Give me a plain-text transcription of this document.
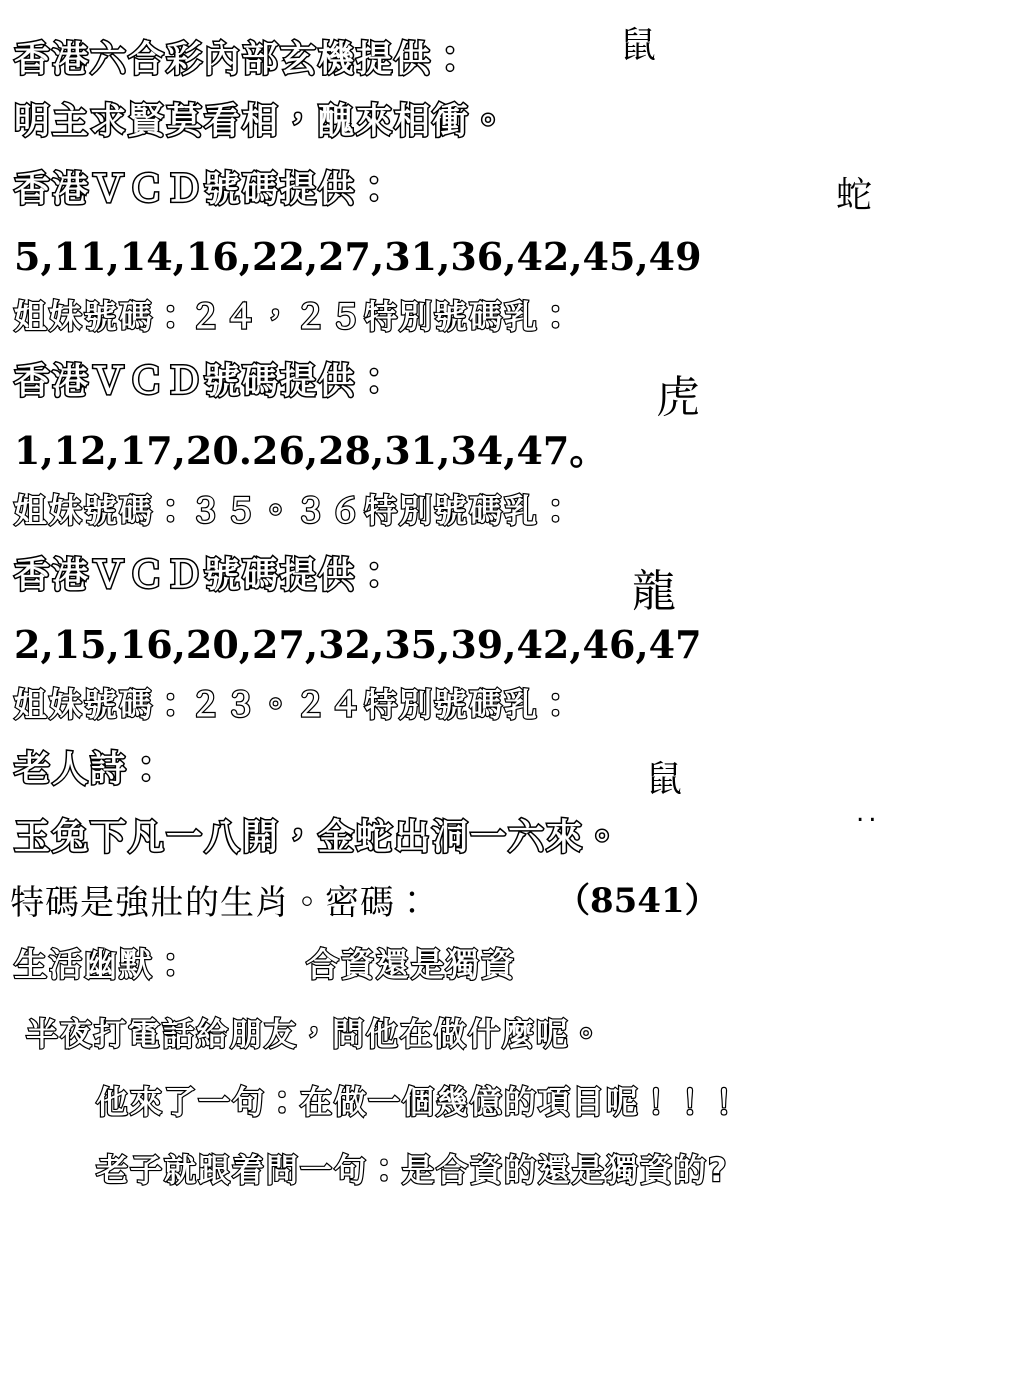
香港六合彩內部玄機提供：	鼠
明主求賢莫看相，醜來相衝。
香港ＶＣＤ號碼提供：	蛇
5,11,14,16,22,27,31,36,42,45,49
姐妹號碼：２４，２５特別號碼乳：
香港ＶＣＤ號碼提供：	虎
1,12,17,20.26,28,31,34,47。
姐妹號碼：３５。３６特別號碼乳：
香港ＶＣＤ號碼提供：	龍
2,15,16,20,27,32,35,39,42,46,47
姐妹號碼：２３。２４特別號碼乳：
老人詩：	鼠
..
玉兔下凡一八開，金蛇出洞一六來。
特碼是強壯的生肖。密碼：	（8541）
生活幽默：	合資還是獨資
半夜打電話給朋友，問他在做什麼呢。
他來了一句：在做一個幾億的項目呢！！！
老子就跟着問一句：是合資的還是獨資的?
